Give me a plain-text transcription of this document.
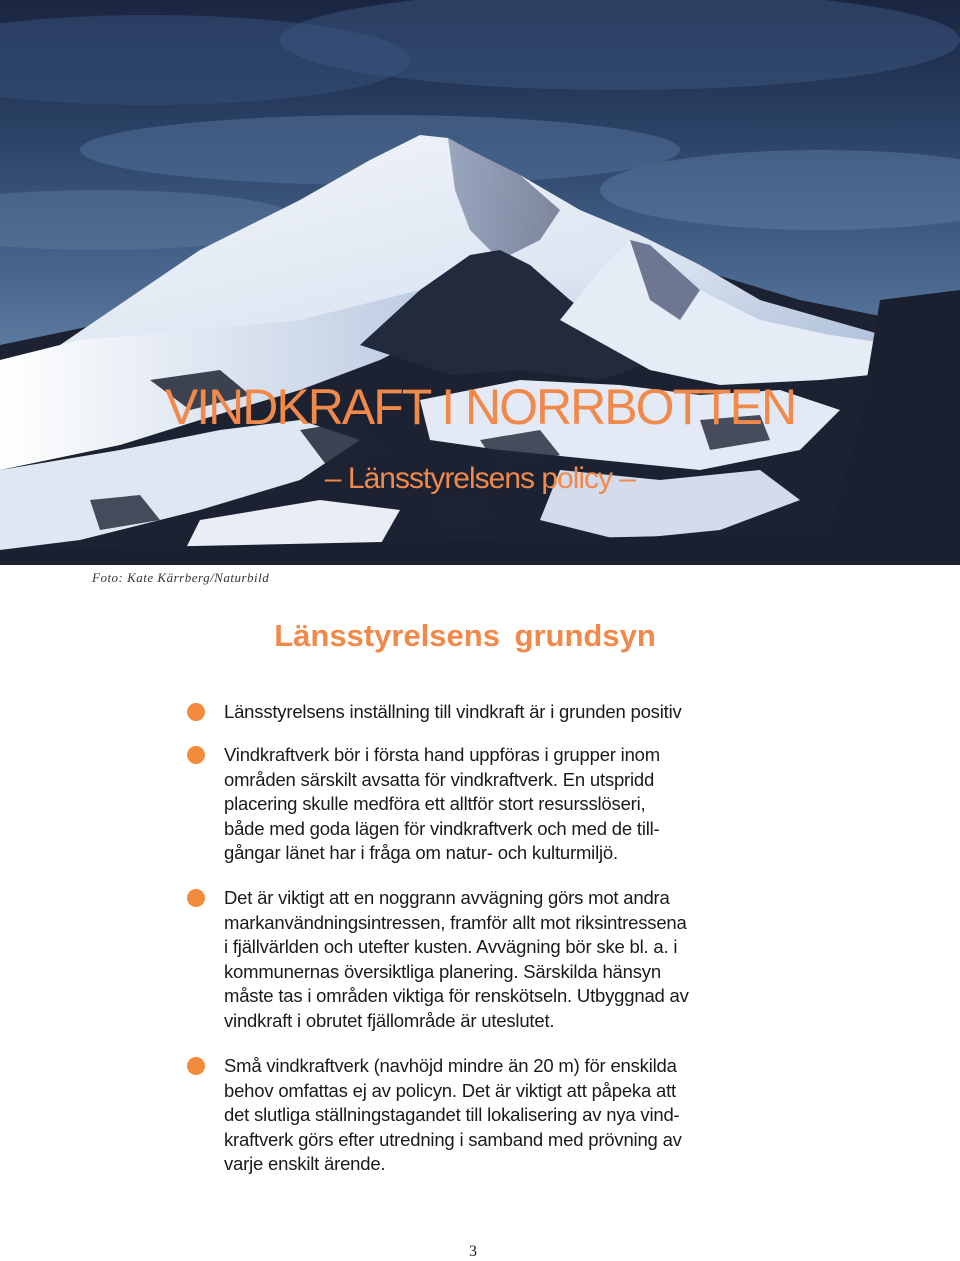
VINDKRAFT I NORRBOTTEN
– Länsstyrelsens policy –
Foto: Kate Kärrberg/Naturbild
Länsstyrelsens grundsyn
Länsstyrelsens inställning till vindkraft är i grunden positiv
Vindkraftverk bör i första hand uppföras i grupper inom
områden särskilt avsatta för vindkraftverk. En utspridd
placering skulle medföra ett alltför stort resursslöseri,
både med goda lägen för vindkraftverk och med de till-
gångar länet har i fråga om natur- och kulturmiljö.
Det är viktigt att en noggrann avvägning görs mot andra
markanvändningsintressen, framför allt mot riksintressena
i fjällvärlden och utefter kusten. Avvägning bör ske bl. a. i
kommunernas översiktliga planering. Särskilda hänsyn
måste tas i områden viktiga för renskötseln. Utbyggnad av
vindkraft i obrutet fjällområde är uteslutet.
Små vindkraftverk (navhöjd mindre än 20 m) för enskilda
behov omfattas ej av policyn. Det är viktigt att påpeka att
det slutliga ställningstagandet till lokalisering av nya vind-
kraftverk görs efter utredning i samband med prövning av
varje enskilt ärende.
3
